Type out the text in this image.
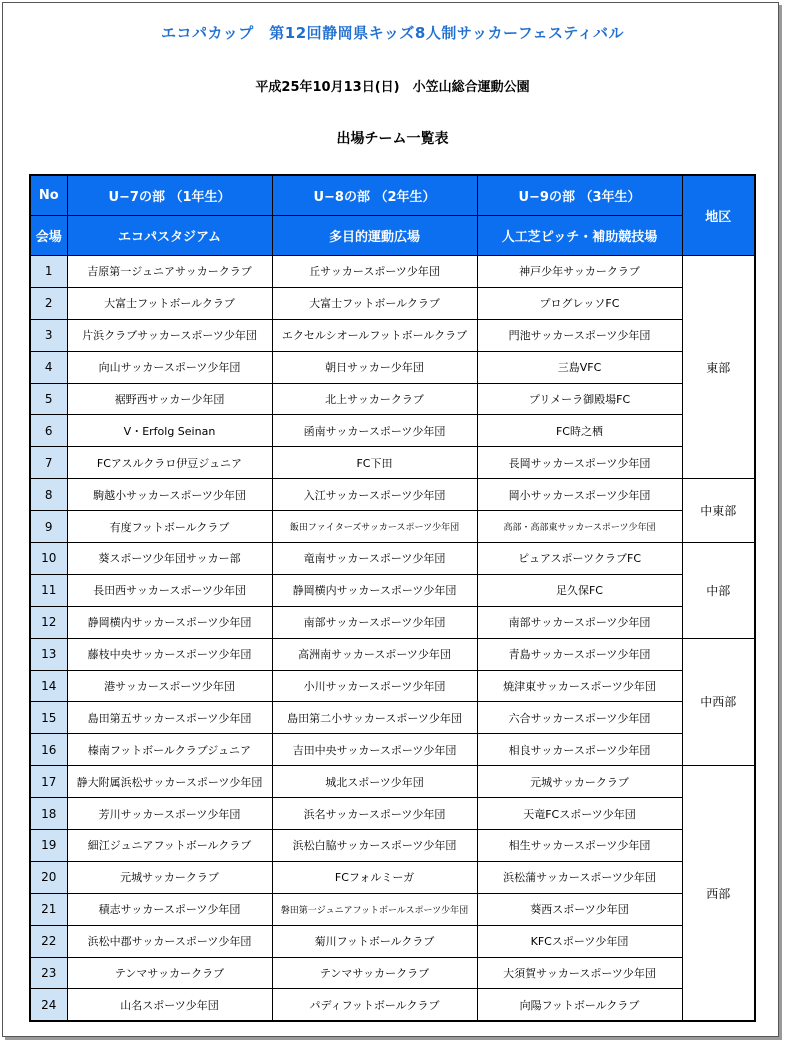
エコパカップ　第12回静岡県キッズ8人制サッカーフェスティバル
平成25年10月13日(日)　小笠山総合運動公園
出場チーム一覧表
No	U−7の部 （1年生）	U−8の部 （2年生）	U−9の部 （3年生）	地区
会場	エコパスタジアム	多目的運動広場	人工芝ピッチ・補助競技場	
1	吉原第一ジュニアサッカークラブ	丘サッカースポーツ少年団	神戸少年サッカークラブ	東部
2	大富士フットボールクラブ	大富士フットボールクラブ	プログレッソFC	
3	片浜クラブサッカースポーツ少年団	エクセルシオールフットボールクラブ	門池サッカースポーツ少年団	
4	向山サッカースポーツ少年団	朝日サッカー少年団	三島VFC	
5	裾野西サッカー少年団	北上サッカークラブ	プリメーラ御殿場FC	
6	V・Erfolg Seinan	函南サッカースポーツ少年団	FC時之栖	
7	FCアスルクラロ伊豆ジュニア	FC下田	長岡サッカースポーツ少年団	
8	駒越小サッカースポーツ少年団	入江サッカースポーツ少年団	岡小サッカースポーツ少年団	中東部
9	有度フットボールクラブ	飯田ファイターズサッカースポーツ少年団	高部・高部東サッカースポーツ少年団	
10	葵スポーツ少年団サッカー部	竜南サッカースポーツ少年団	ピュアスポーツクラブFC	中部
11	長田西サッカースポーツ少年団	静岡横内サッカースポーツ少年団	足久保FC	
12	静岡横内サッカースポーツ少年団	南部サッカースポーツ少年団	南部サッカースポーツ少年団	
13	藤枝中央サッカースポーツ少年団	高洲南サッカースポーツ少年団	青島サッカースポーツ少年団	中西部
14	港サッカースポーツ少年団	小川サッカースポーツ少年団	焼津東サッカースポーツ少年団	
15	島田第五サッカースポーツ少年団	島田第二小サッカースポーツ少年団	六合サッカースポーツ少年団	
16	榛南フットボールクラブジュニア	吉田中央サッカースポーツ少年団	相良サッカースポーツ少年団	
17	静大附属浜松サッカースポーツ少年団	城北スポーツ少年団	元城サッカークラブ	西部
18	芳川サッカースポーツ少年団	浜名サッカースポーツ少年団	天竜FCスポーツ少年団	
19	細江ジュニアフットボールクラブ	浜松白脇サッカースポーツ少年団	相生サッカースポーツ少年団	
20	元城サッカークラブ	FCフォルミーガ	浜松蒲サッカースポーツ少年団	
21	積志サッカースポーツ少年団	磐田第一ジュニアフットボールスポーツ少年団	葵西スポーツ少年団	
22	浜松中郡サッカースポーツ少年団	菊川フットボールクラブ	KFCスポーツ少年団	
23	テンマサッカークラブ	テンマサッカークラブ	大須賀サッカースポーツ少年団	
24	山名スポーツ少年団	パディフットボールクラブ	向陽フットボールクラブ	
